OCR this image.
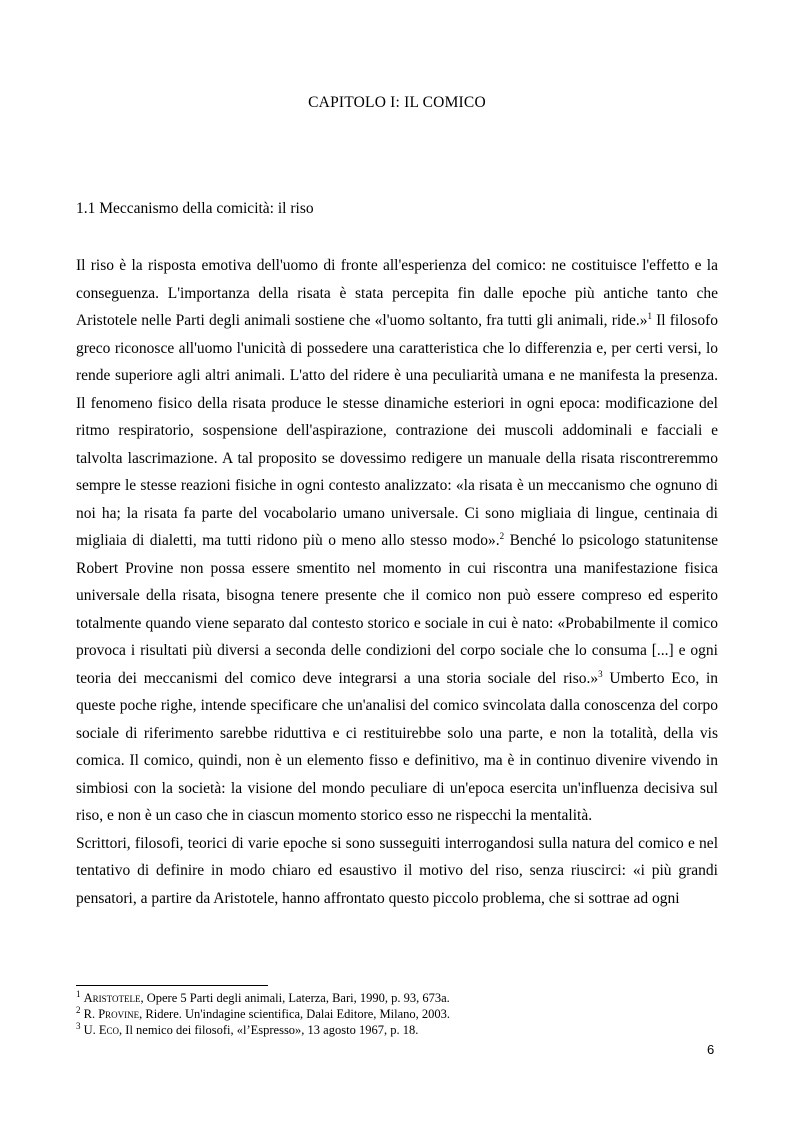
CAPITOLO I: IL COMICO
1.1 Meccanismo della comicità: il riso

Il riso è la risposta emotiva dell'uomo di fronte all'esperienza del comico: ne costituisce l'effetto e la conseguenza. L'importanza della risata è stata percepita fin dalle epoche più antiche tanto che Aristotele nelle Parti degli animali sostiene che «l'uomo soltanto, fra tutti gli animali, ride.»$^1$ Il filosofo greco riconosce all'uomo l'unicità di possedere una caratteristica che lo differenzia e, per certi versi, lo rende superiore agli altri animali. L'atto del ridere è una peculiarità umana e ne manifesta la presenza. Il fenomeno fisico della risata produce le stesse dinamiche esteriori in ogni epoca: modificazione del ritmo respiratorio, sospensione dell'aspirazione, contrazione dei muscoli addominali e facciali e talvolta lascrimazione. A tal proposito se dovessimo redigere un manuale della risata riscontreremmo sempre le stesse reazioni fisiche in ogni contesto analizzato: «la risata è un meccanismo che ognuno di noi ha; la risata fa parte del vocabolario umano universale. Ci sono migliaia di lingue, centinaia di migliaia di dialetti, ma tutti ridono più o meno allo stesso modo».$^2$ Benché lo psicologo statunitense Robert Provine non possa essere smentito nel momento in cui riscontra una manifestazione fisica universale della risata, bisogna tenere presente che il comico non può essere compreso ed esperito totalmente quando viene separato dal contesto storico e sociale in cui è nato: «Probabilmente il comico provoca i risultati più diversi a seconda delle condizioni del corpo sociale che lo consuma [...] e ogni teoria dei meccanismi del comico deve integrarsi a una storia sociale del riso.»$^3$ Umberto Eco, in queste poche righe, intende specificare che un'analisi del comico svincolata dalla conoscenza del corpo sociale di riferimento sarebbe riduttiva e ci restituirebbe solo una parte, e non la totalità, della vis comica. Il comico, quindi, non è un elemento fisso e definitivo, ma è in continuo divenire vivendo in simbiosi con la società: la visione del mondo peculiare di un'epoca esercita un'influenza decisiva sul riso, e non è un caso che in ciascun momento storico esso ne rispecchi la mentalità.

Scrittori, filosofi, teorici di varie epoche si sono susseguiti interrogandosi sulla natura del comico e nel tentativo di definire in modo chiaro ed esaustivo il motivo del riso, senza riuscirci: «i più grandi pensatori, a partire da Aristotele, hanno affrontato questo piccolo problema, che si sottrae ad ogni

$^1$ Aristotele, Opere 5 Parti degli animali, Laterza, Bari, 1990, p. 93, 673a.

$^2$ R. Provine, Ridere. Un'indagine scientifica, Dalai Editore, Milano, 2003.

$^3$ U. Eco, Il nemico dei filosofi, «l’Espresso», 13 agosto 1967, p. 18.

6
